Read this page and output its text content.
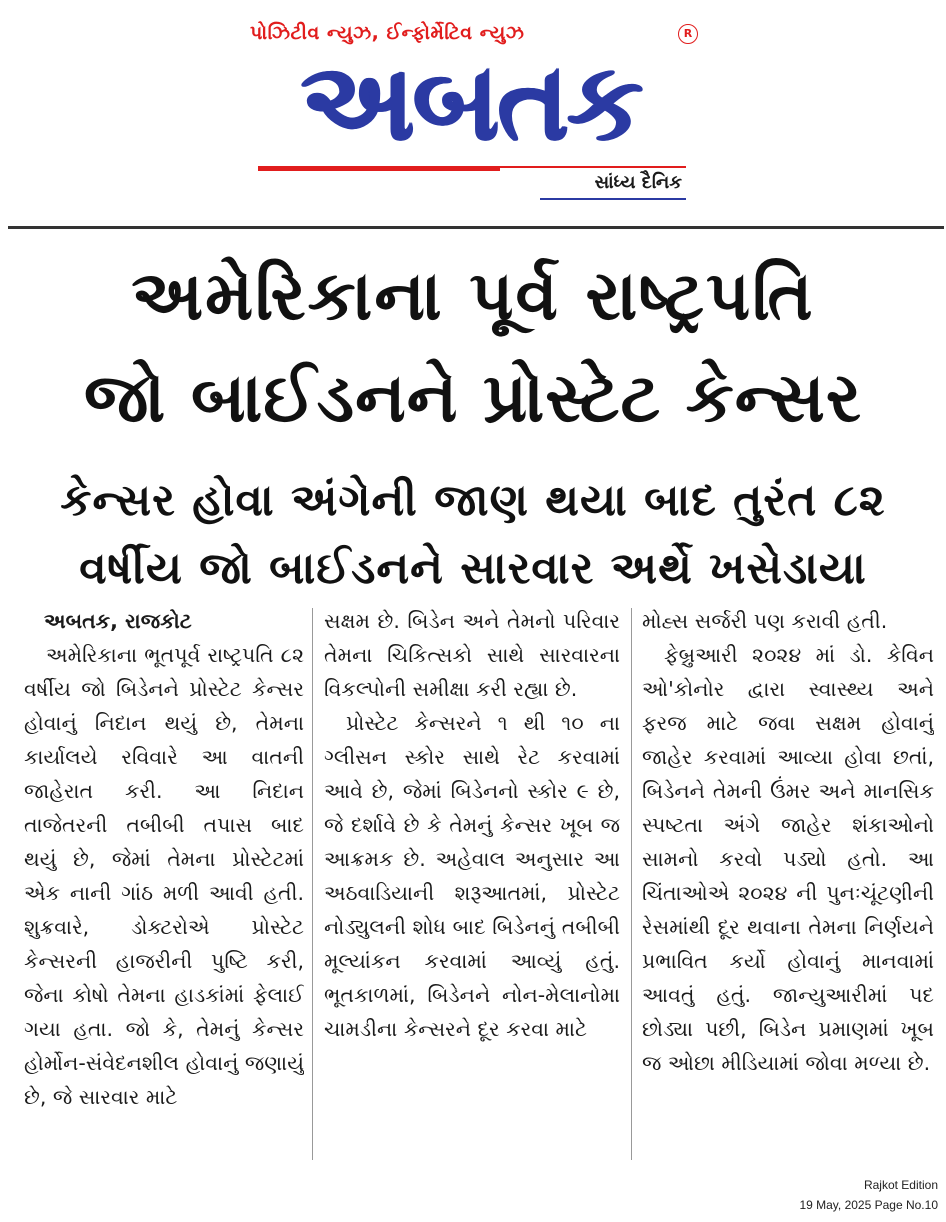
પોઝિટીવ ન્યુઝ, ઈન્ફોર્મેટિવ ન્યુઝ	R
અબતક
સાંધ્ય દૈનિક
અમેરિકાના પૂર્વ રાષ્ટ્રપતિ
જો બાઈડનને પ્રોસ્ટેટ કેન્સર
કેન્સર હોવા અંગેની જાણ થયા બાદ તુરંત ૮૨
વર્ષીય જો બાઈડનને સારવાર અર્થે ખસેડાયા

અબતક, રાજકોટ

અમેરિકાના ભૂતપૂર્વ રાષ્ટ્રપતિ ૮૨ વર્ષીય જો બિડેનને પ્રોસ્ટેટ કેન્સર હોવાનું નિદાન થયું છે, તેમના કાર્યાલયે રવિવારે આ વાતની જાહેરાત કરી. આ નિદાન તાજેતરની તબીબી તપાસ બાદ થયું છે, જેમાં તેમના પ્રોસ્ટેટમાં એક નાની ગાંઠ મળી આવી હતી. શુક્રવારે, ડોક્ટરોએ પ્રોસ્ટેટ કેન્સરની હાજરીની પુષ્ટિ કરી, જેના કોષો તેમના હાડકાંમાં ફેલાઈ ગયા હતા. જો કે, તેમનું કેન્સર હોર્મોન-સંવેદનશીલ હોવાનું જણાયું છે, જે સારવાર માટે

સક્ષમ છે. બિડેન અને તેમનો પરિવાર તેમના ચિકિત્સકો સાથે સારવારના વિકલ્પોની સમીક્ષા કરી રહ્યા છે.

પ્રોસ્ટેટ કેન્સરને ૧ થી ૧૦ ના ગ્લીસન સ્કોર સાથે રેટ કરવામાં આવે છે, જેમાં બિડેનનો સ્કોર ૯ છે, જે દર્શાવે છે કે તેમનું કેન્સર ખૂબ જ આક્રમક છે. અહેવાલ અનુસાર આ અઠવાડિયાની શરૂઆતમાં, પ્રોસ્ટેટ નોડ્યુલની શોધ બાદ બિડેનનું તબીબી મૂલ્યાંકન કરવામાં આવ્યું હતું. ભૂતકાળમાં, બિડેનને નોન-મેલાનોમા ચામડીના કેન્સરને દૂર કરવા માટે

મોહ્સ સર્જરી પણ કરાવી હતી.

ફેબ્રુઆરી ૨૦૨૪ માં ડો. કેવિન ઓ'કોનોર દ્વારા સ્વાસ્થ્ય અને ફરજ માટે જવા સક્ષમ હોવાનું જાહેર કરવામાં આવ્યા હોવા છતાં, બિડેનને તેમની ઉંમર અને માનસિક સ્પષ્ટતા અંગે જાહેર શંકાઓનો સામનો કરવો પડ્યો હતો. આ ચિંતાઓએ ૨૦૨૪ ની પુનઃચૂંટણીની રેસમાંથી દૂર થવાના તેમના નિર્ણયને પ્રભાવિત કર્યો હોવાનું માનવામાં આવતું હતું. જાન્યુઆરીમાં પદ છોડ્યા પછી, બિડેન પ્રમાણમાં ખૂબ જ ઓછા મીડિયામાં જોવા મળ્યા છે.

Rajkot Edition
19 May, 2025 Page No.10
